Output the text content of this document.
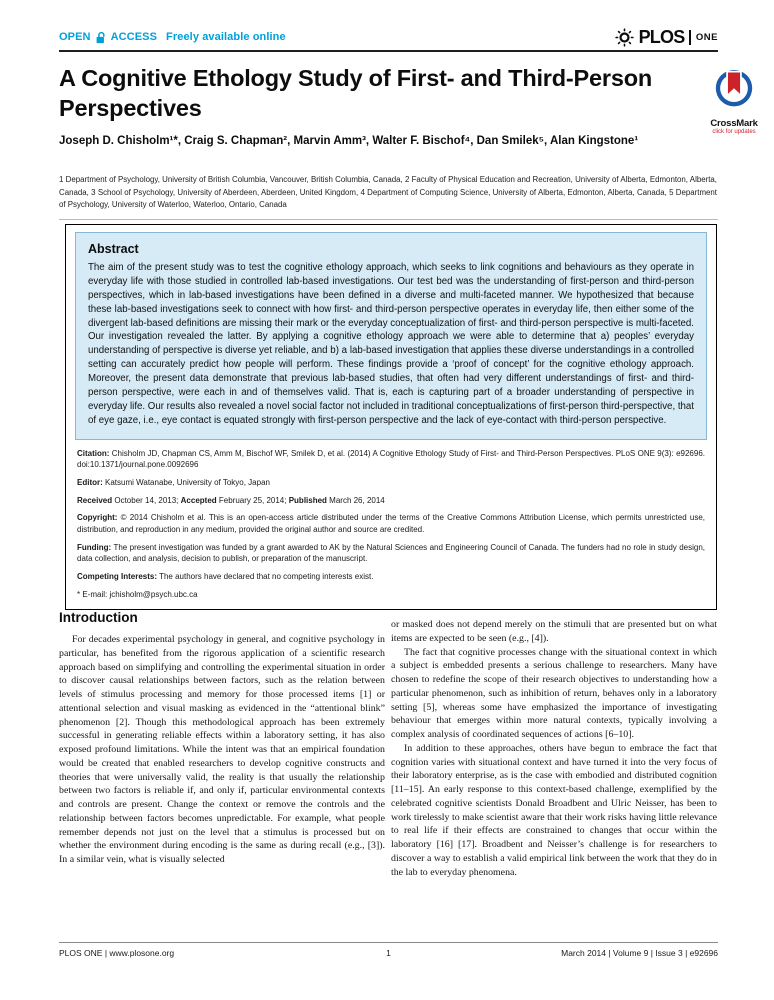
OPEN ACCESS Freely available online	PLOS ONE
A Cognitive Ethology Study of First- and Third-Person Perspectives
CrossMark
click for updates
Joseph D. Chisholm¹*, Craig S. Chapman², Marvin Amm³, Walter F. Bischof⁴, Dan Smilek⁵, Alan Kingstone¹
1 Department of Psychology, University of British Columbia, Vancouver, British Columbia, Canada, 2 Faculty of Physical Education and Recreation, University of Alberta, Edmonton, Alberta, Canada, 3 School of Psychology, University of Aberdeen, Aberdeen, United Kingdom, 4 Department of Computing Science, University of Alberta, Edmonton, Alberta, Canada, 5 Department of Psychology, University of Waterloo, Waterloo, Ontario, Canada
Abstract
The aim of the present study was to test the cognitive ethology approach, which seeks to link cognitions and behaviours as they operate in everyday life with those studied in controlled lab-based investigations. Our test bed was the understanding of first-person and third-person perspectives, which in lab-based investigations have been defined in a diverse and multi-faceted manner. We hypothesized that because these lab-based investigations seek to connect with how first- and third-person perspective operates in everyday life, then either some of the divergent lab-based definitions are missing their mark or the everyday conceptualization of first- and third-person perspective is multi-faceted. Our investigation revealed the latter. By applying a cognitive ethology approach we were able to determine that a) peoples’ everyday understanding of perspective is diverse yet reliable, and b) a lab-based investigation that applies these diverse understandings in a controlled setting can accurately predict how people will perform. These findings provide a ‘proof of concept’ for the cognitive ethology approach. Moreover, the present data demonstrate that previous lab-based studies, that often had very different understandings of first- and third-person perspective, were each in and of themselves valid. That is, each is capturing part of a broader understanding of perspective in everyday life. Our results also revealed a novel social factor not included in traditional conceptualizations of first-person third-perspective, that of eye gaze, i.e., eye contact is equated strongly with first-person perspective and the lack of eye-contact with third-person perspective.

Citation: Chisholm JD, Chapman CS, Amm M, Bischof WF, Smilek D, et al. (2014) A Cognitive Ethology Study of First- and Third-Person Perspectives. PLoS ONE 9(3): e92696. doi:10.1371/journal.pone.0092696

Editor: Katsumi Watanabe, University of Tokyo, Japan

Received October 14, 2013; Accepted February 25, 2014; Published March 26, 2014

Copyright: © 2014 Chisholm et al. This is an open-access article distributed under the terms of the Creative Commons Attribution License, which permits unrestricted use, distribution, and reproduction in any medium, provided the original author and source are credited.

Funding: The present investigation was funded by a grant awarded to AK by the Natural Sciences and Engineering Council of Canada. The funders had no role in study design, data collection, and analysis, decision to publish, or preparation of the manuscript.

Competing Interests: The authors have declared that no competing interests exist.

* E-mail: jchisholm@psych.ubc.ca

Introduction

For decades experimental psychology in general, and cognitive psychology in particular, has benefited from the rigorous application of a scientific research approach based on simplifying and controlling the experimental situation in order to discover causal relationships between factors, such as the relation between levels of stimulus processing and memory for those processed items [1] or attentional selection and visual masking as evidenced in the “attentional blink” phenomenon [2]. Though this methodological approach has been extremely successful in generating reliable effects within a laboratory setting, it has also exposed profound limitations. While the intent was that an empirical foundation would be created that enabled researchers to develop cognitive constructs and theories that were universally valid, the reality is that usually the relationship between two factors is reliable if, and only if, particular environmental contexts and controls are present. Change the context or remove the controls and the relationship between factors becomes unpredictable. For example, what people remember depends not just on the level that a stimulus is processed but on whether the environment during encoding is the same as during recall (e.g., [3]). In a similar vein, what is visually selected

or masked does not depend merely on the stimuli that are presented but on what items are expected to be seen (e.g., [4]).

The fact that cognitive processes change with the situational context in which a subject is embedded presents a serious challenge to researchers. Many have chosen to redefine the scope of their research objectives to understanding how a particular phenomenon, such as inhibition of return, behaves only in a laboratory setting [5], whereas some have emphasized the importance of investigating behaviour that emerges within more natural contexts, typically involving a complex analysis of coordinated sequences of actions [6–10].

In addition to these approaches, others have begun to embrace the fact that cognition varies with situational context and have turned it into the very focus of their laboratory enterprise, as is the case with embodied and distributed cognition [11–15]. An early response to this context-based challenge, exemplified by the celebrated cognitive scientists Donald Broadbent and Ulric Neisser, has been to work tirelessly to make scientist aware that their work risks having little relevance to real life if their effects are constrained to changes that occur within the laboratory [16] [17]. Broadbent and Neisser’s challenge is for researchers to discover a way to establish a valid empirical link between the work that they do in the lab to everyday phenomena.

PLOS ONE | www.plosone.org	1	March 2014 | Volume 9 | Issue 3 | e92696
